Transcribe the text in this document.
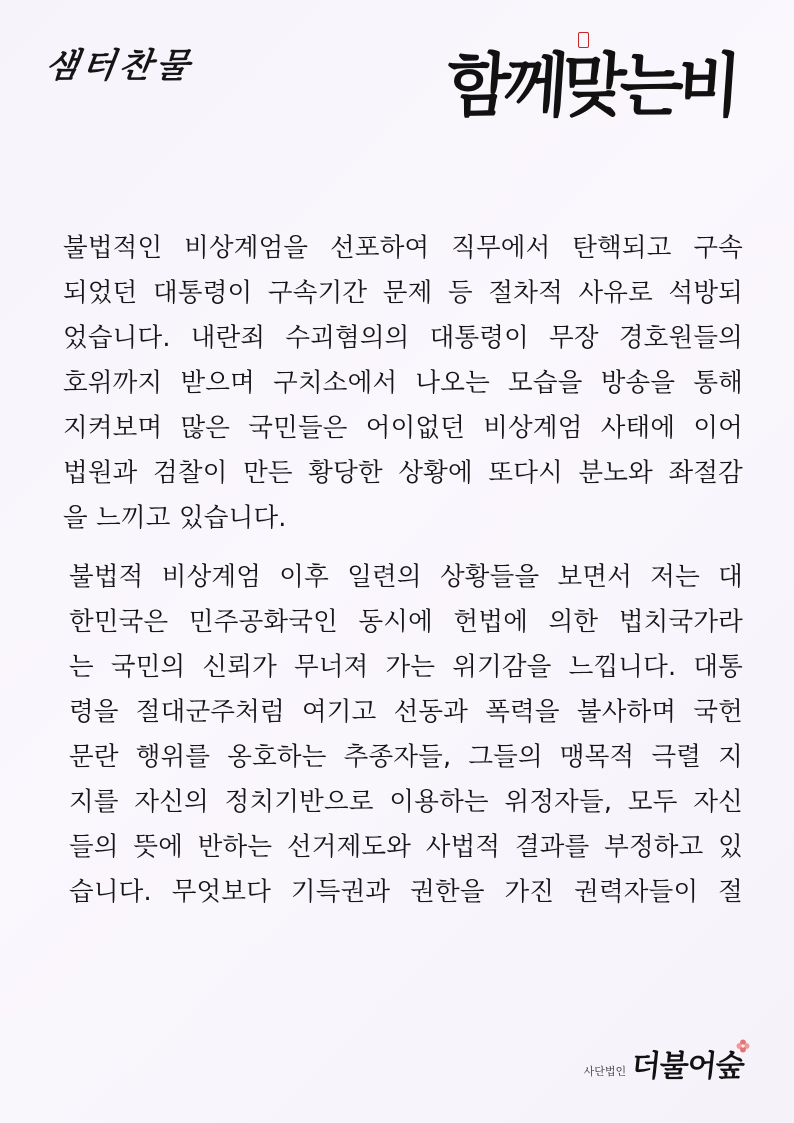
샘터찬물	함께맞는비
불법적인 비상계엄을 선포하여 직무에서 탄핵되고 구속
되었던 대통령이 구속기간 문제 등 절차적 사유로 석방되
었습니다. 내란죄 수괴혐의의 대통령이 무장 경호원들의
호위까지 받으며 구치소에서 나오는 모습을 방송을 통해
지켜보며 많은 국민들은 어이없던 비상계엄 사태에 이어
법원과 검찰이 만든 황당한 상황에 또다시 분노와 좌절감
을 느끼고 있습니다.
불법적 비상계엄 이후 일련의 상황들을 보면서 저는 대
한민국은 민주공화국인 동시에 헌법에 의한 법치국가라
는 국민의 신뢰가 무너져 가는 위기감을 느낍니다. 대통
령을 절대군주처럼 여기고 선동과 폭력을 불사하며 국헌
문란 행위를 옹호하는 추종자들, 그들의 맹목적 극렬 지
지를 자신의 정치기반으로 이용하는 위정자들, 모두 자신
들의 뜻에 반하는 선거제도와 사법적 결과를 부정하고 있
습니다. 무엇보다 기득권과 권한을 가진 권력자들이 절
사단법인 더불어숲
